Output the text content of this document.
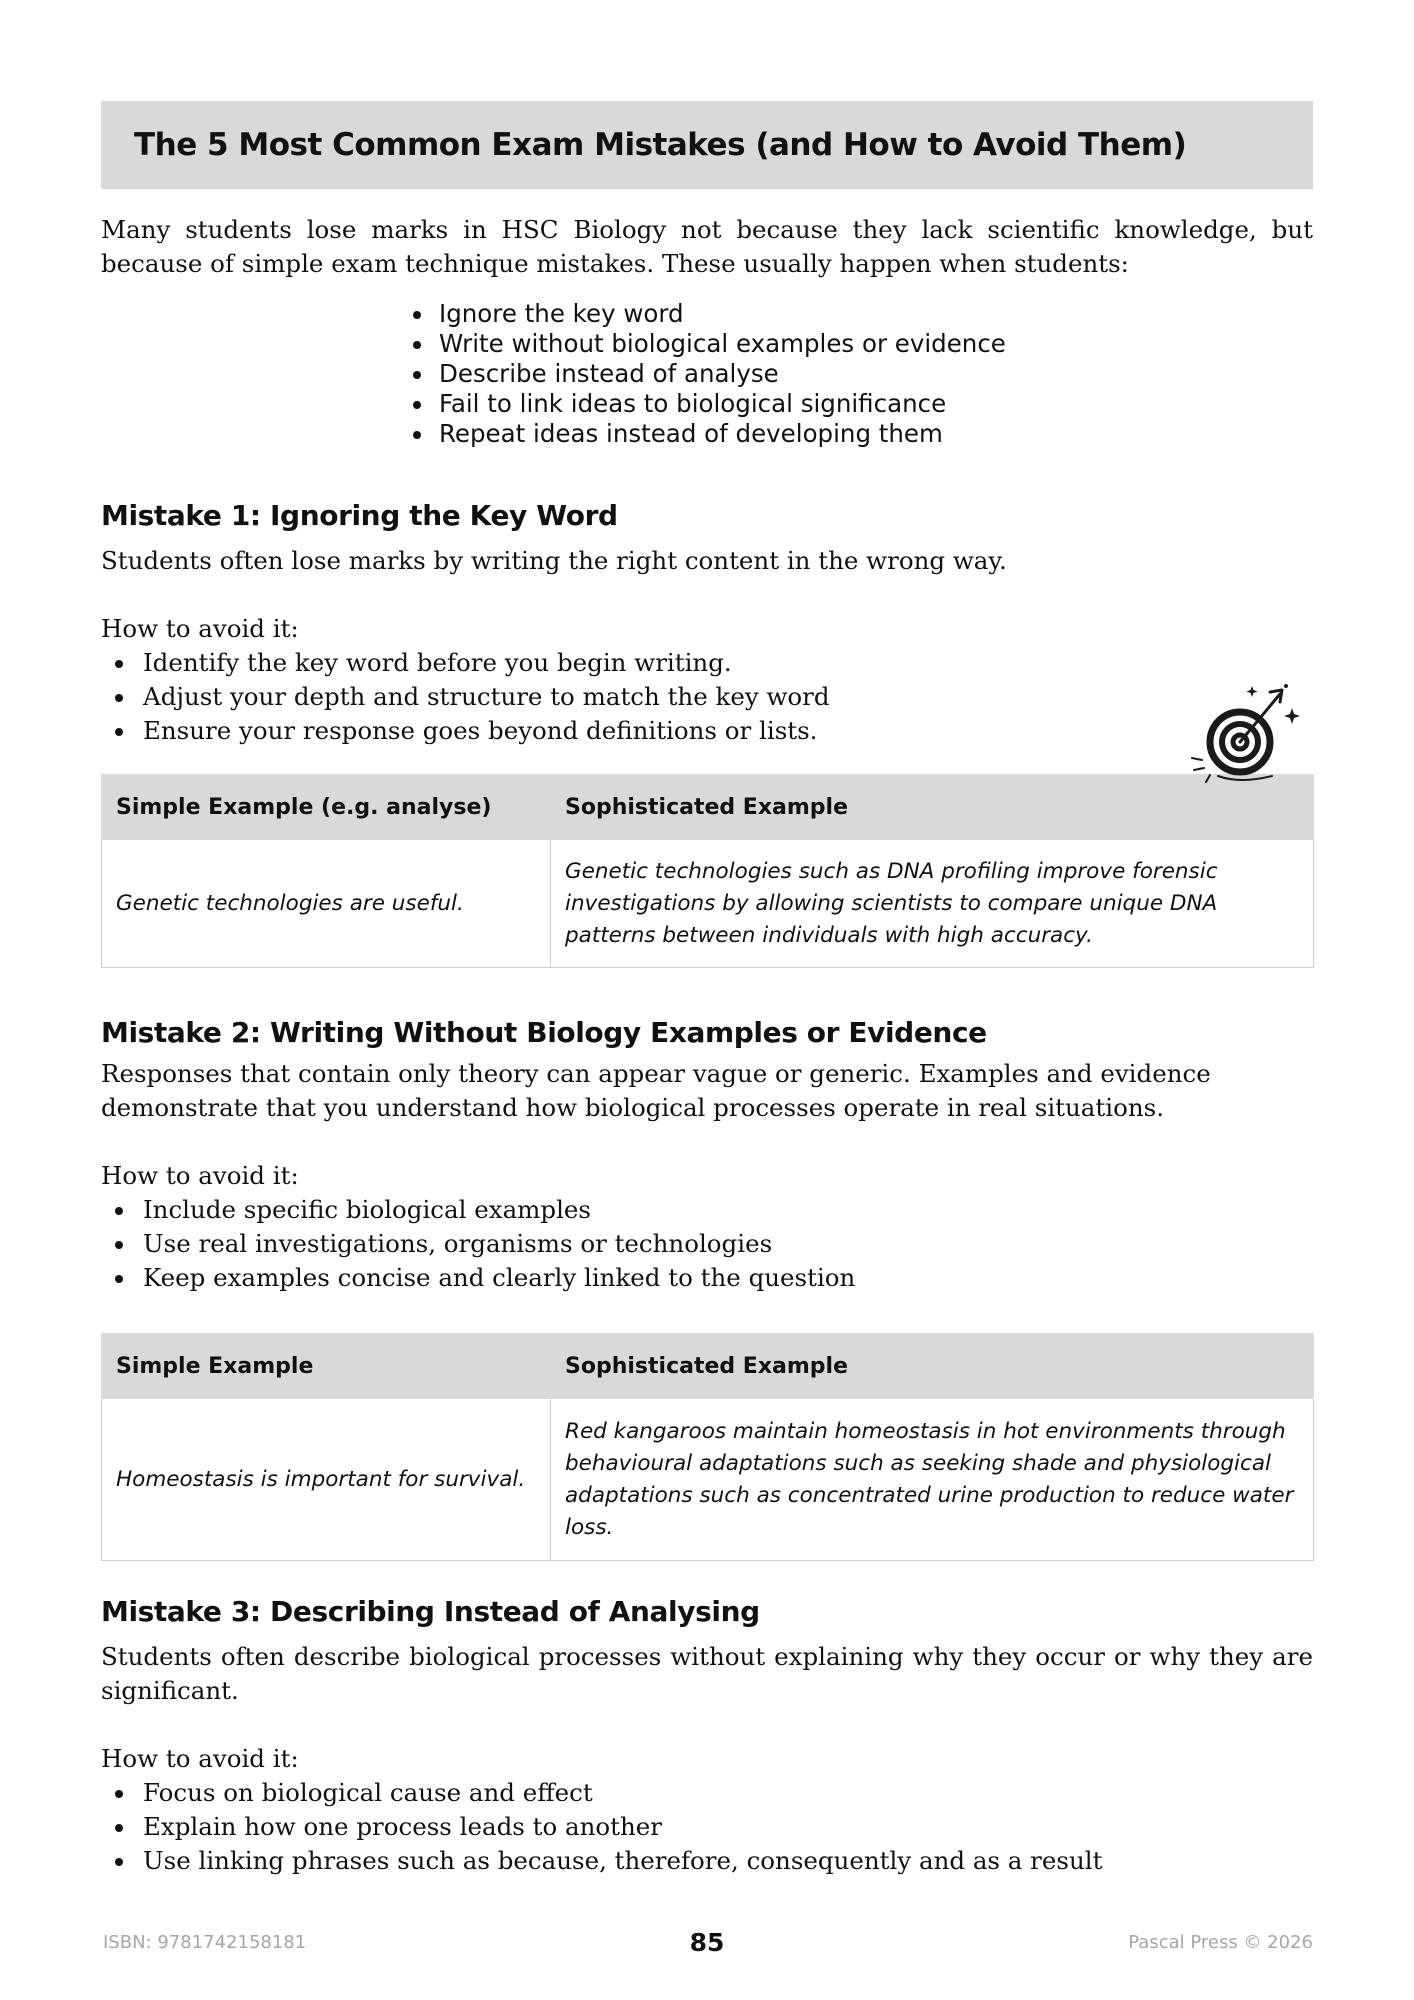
The 5 Most Common Exam Mistakes (and How to Avoid Them)

Many students lose marks in HSC Biology not because they lack scientific knowledge, but because of simple exam technique mistakes. These usually happen when students:

Ignore the key word
Write without biological examples or evidence
Describe instead of analyse
Fail to link ideas to biological significance
Repeat ideas instead of developing them
Mistake 1: Ignoring the Key Word

Students often lose marks by writing the right content in the wrong way.

How to avoid it:

Identify the key word before you begin writing.
Adjust your depth and structure to match the key word
Ensure your response goes beyond definitions or lists.
Simple Example (e.g. analyse)	Sophisticated Example
Genetic technologies are useful.	Genetic technologies such as DNA profiling improve forensic investigations by allowing scientists to compare unique DNA patterns between individuals with high accuracy.
Mistake 2: Writing Without Biology Examples or Evidence

Responses that contain only theory can appear vague or generic. Examples and evidence demonstrate that you understand how biological processes operate in real situations.

How to avoid it:

Include specific biological examples
Use real investigations, organisms or technologies
Keep examples concise and clearly linked to the question
Simple Example	Sophisticated Example
Homeostasis is important for survival.	Red kangaroos maintain homeostasis in hot environments through behavioural adaptations such as seeking shade and physiological adaptations such as concentrated urine production to reduce water loss.
Mistake 3: Describing Instead of Analysing

Students often describe biological processes without explaining why they occur or why they are significant.

How to avoid it:

Focus on biological cause and effect
Explain how one process leads to another
Use linking phrases such as because, therefore, consequently and as a result
ISBN: 9781742158181	85	Pascal Press © 2026
